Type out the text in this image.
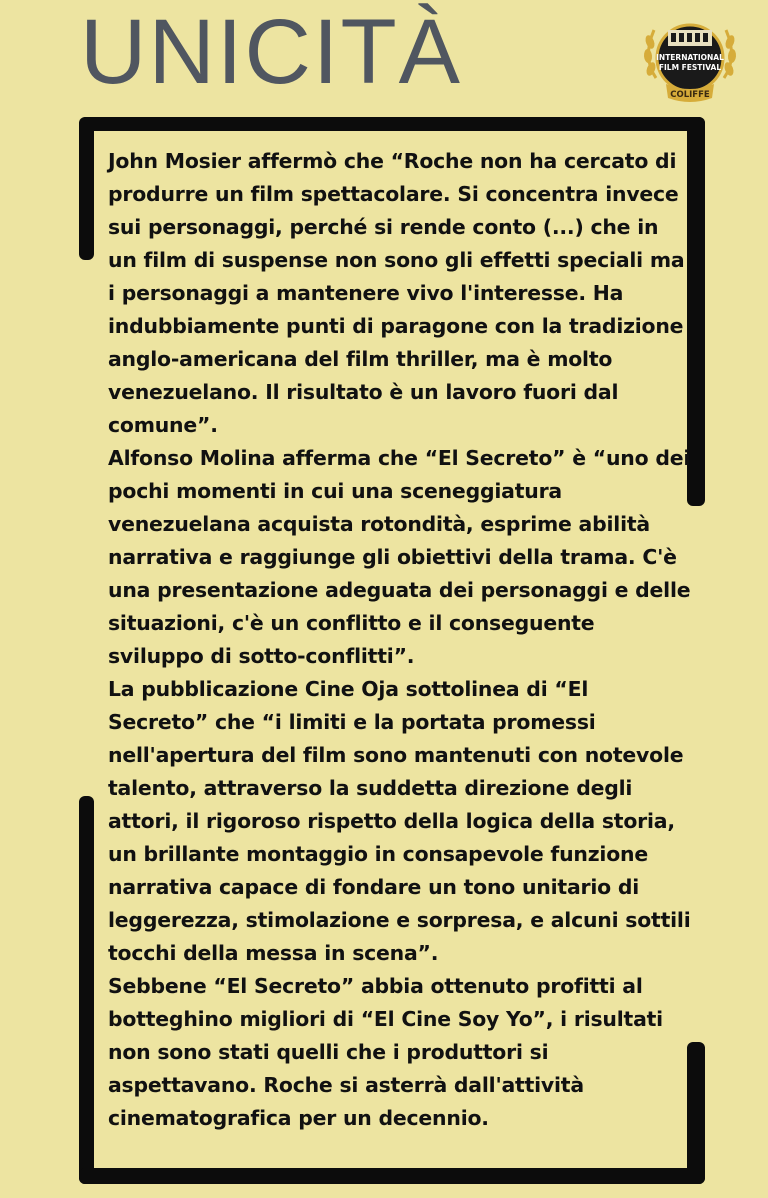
UNICITÀ	INTERNATIONAL
FILM FESTIVAL
COLIFFE

John Mosier affermò che “Roche non ha cercato di produrre un film spettacolare. Si concentra invece sui personaggi, perché si rende conto (...) che in un film di suspense non sono gli effetti speciali ma i personaggi a mantenere vivo l'interesse. Ha indubbiamente punti di paragone con la tradizione anglo-americana del film thriller, ma è molto venezuelano. Il risultato è un lavoro fuori dal comune”.

Alfonso Molina afferma che “El Secreto” è “uno dei pochi momenti in cui una sceneggiatura venezuelana acquista rotondità, esprime abilità narrativa e raggiunge gli obiettivi della trama. C'è una presentazione adeguata dei personaggi e delle situazioni, c'è un conflitto e il conseguente sviluppo di sotto-conflitti”.

La pubblicazione Cine Oja sottolinea di “El Secreto” che “i limiti e la portata promessi nell'apertura del film sono mantenuti con notevole talento, attraverso la suddetta direzione degli attori, il rigoroso rispetto della logica della storia, un brillante montaggio in consapevole funzione narrativa capace di fondare un tono unitario di leggerezza, stimolazione e sorpresa, e alcuni sottili tocchi della messa in scena”.

Sebbene “El Secreto” abbia ottenuto profitti al botteghino migliori di “El Cine Soy Yo”, i risultati non sono stati quelli che i produttori si aspettavano. Roche si asterrà dall'attività cinematografica per un decennio.
